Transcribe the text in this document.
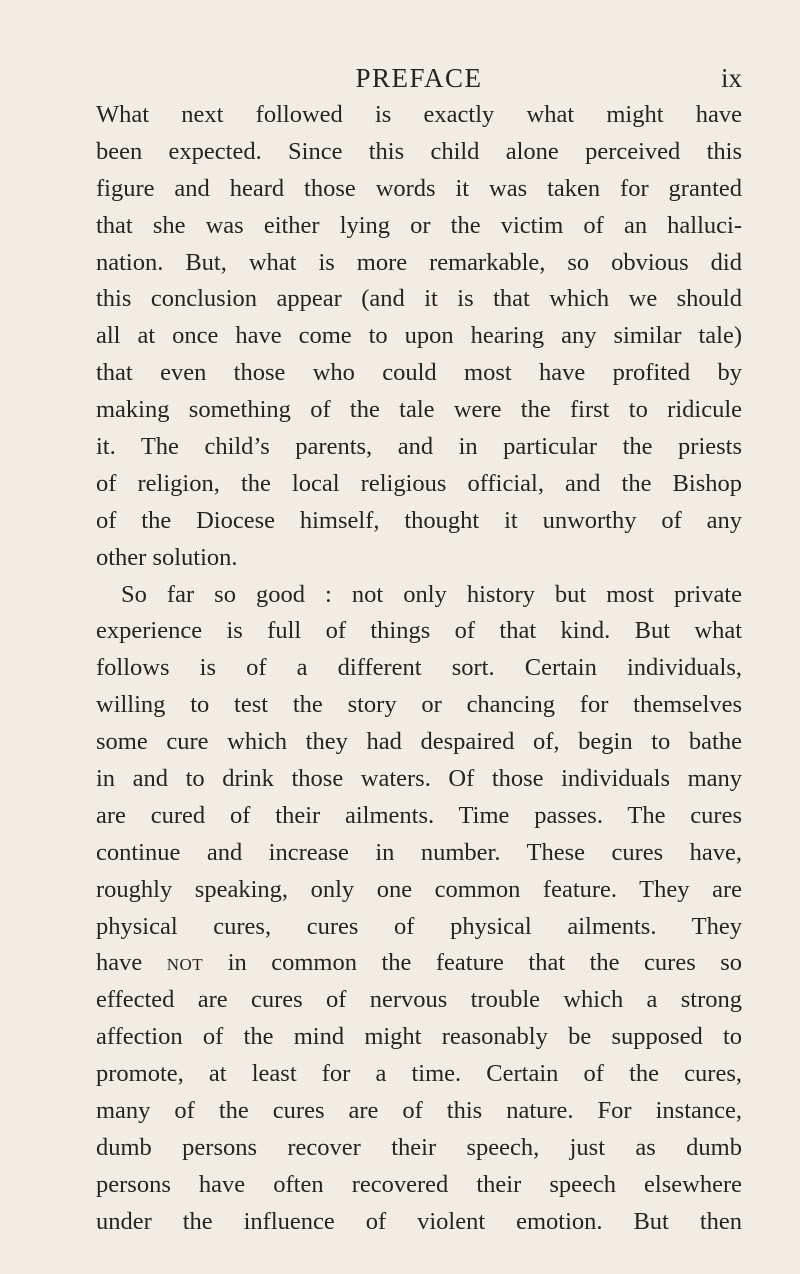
PREFACE	ix
What next followed is exactly what might have
been expected. Since this child alone perceived this
figure and heard those words it was taken for granted
that she was either lying or the victim of an halluci-
nation. But, what is more remarkable, so obvious did
this conclusion appear (and it is that which we should
all at once have come to upon hearing any similar tale)
that even those who could most have profited by
making something of the tale were the first to ridicule
it. The child’s parents, and in particular the priests
of religion, the local religious official, and the Bishop
of the Diocese himself, thought it unworthy of any
other solution.
So far so good : not only history but most private
experience is full of things of that kind. But what
follows is of a different sort. Certain individuals,
willing to test the story or chancing for themselves
some cure which they had despaired of, begin to bathe
in and to drink those waters. Of those individuals many
are cured of their ailments. Time passes. The cures
continue and increase in number. These cures have,
roughly speaking, only one common feature. They are
physical cures, cures of physical ailments. They
have not in common the feature that the cures so
effected are cures of nervous trouble which a strong
affection of the mind might reasonably be supposed to
promote, at least for a time. Certain of the cures,
many of the cures are of this nature. For instance,
dumb persons recover their speech, just as dumb
persons have often recovered their speech elsewhere
under the influence of violent emotion. But then
